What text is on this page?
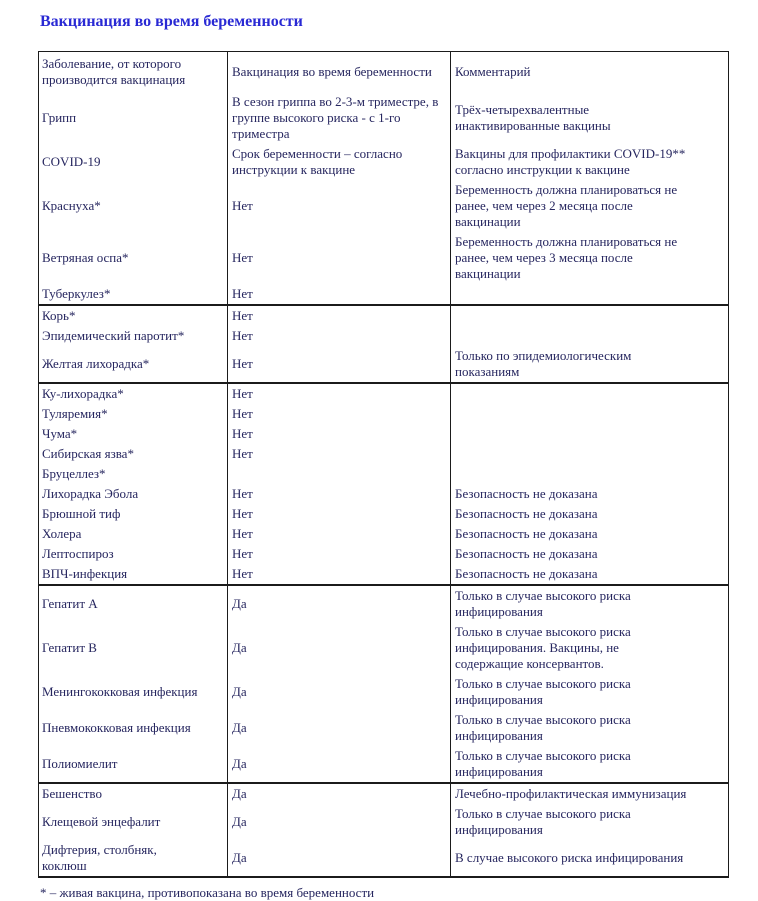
Вакцинация во время беременности
Заболевание, от которого производится вакцинация	Вакцинация во время беременности	Комментарий
Грипп	В сезон гриппа во 2-3-м триместре, в группе высокого риска - с 1-го триместра	Трёх-четырехвалентные инактивированные вакцины
COVID-19	Срок беременности – согласно инструкции к вакцине	Вакцины для профилактики COVID-19** согласно инструкции к вакцине
Краснуха*	Нет	Беременность должна планироваться не ранее, чем через 2 месяца после вакцинации
Ветряная оспа*	Нет	Беременность должна планироваться не ранее, чем через 3 месяца после вакцинации
Туберкулез*	Нет	
Корь*	Нет	
Эпидемический паротит*	Нет	
Желтая лихорадка*	Нет	Только по эпидемиологическим показаниям
Ку-лихорадка*	Нет	
Туляремия*	Нет	
Чума*	Нет	
Сибирская язва*	Нет	
Бруцеллез*		
Лихорадка Эбола	Нет	Безопасность не доказана
Брюшной тиф	Нет	Безопасность не доказана
Холера	Нет	Безопасность не доказана
Лептоспироз	Нет	Безопасность не доказана
ВПЧ-инфекция	Нет	Безопасность не доказана
Гепатит A	Да	Только в случае высокого риска инфицирования
Гепатит B	Да	Только в случае высокого риска инфицирования. Вакцины, не содержащие консервантов.
Менингококковая инфекция	Да	Только в случае высокого риска инфицирования
Пневмококковая инфекция	Да	Только в случае высокого риска инфицирования
Полиомиелит	Да	Только в случае высокого риска инфицирования
Бешенство	Да	Лечебно-профилактическая иммунизация
Клещевой энцефалит	Да	Только в случае высокого риска инфицирования
Дифтерия, столбняк, коклюш	Да	В случае высокого риска инфицирования
* – живая вакцина, противопоказана во время беременности
